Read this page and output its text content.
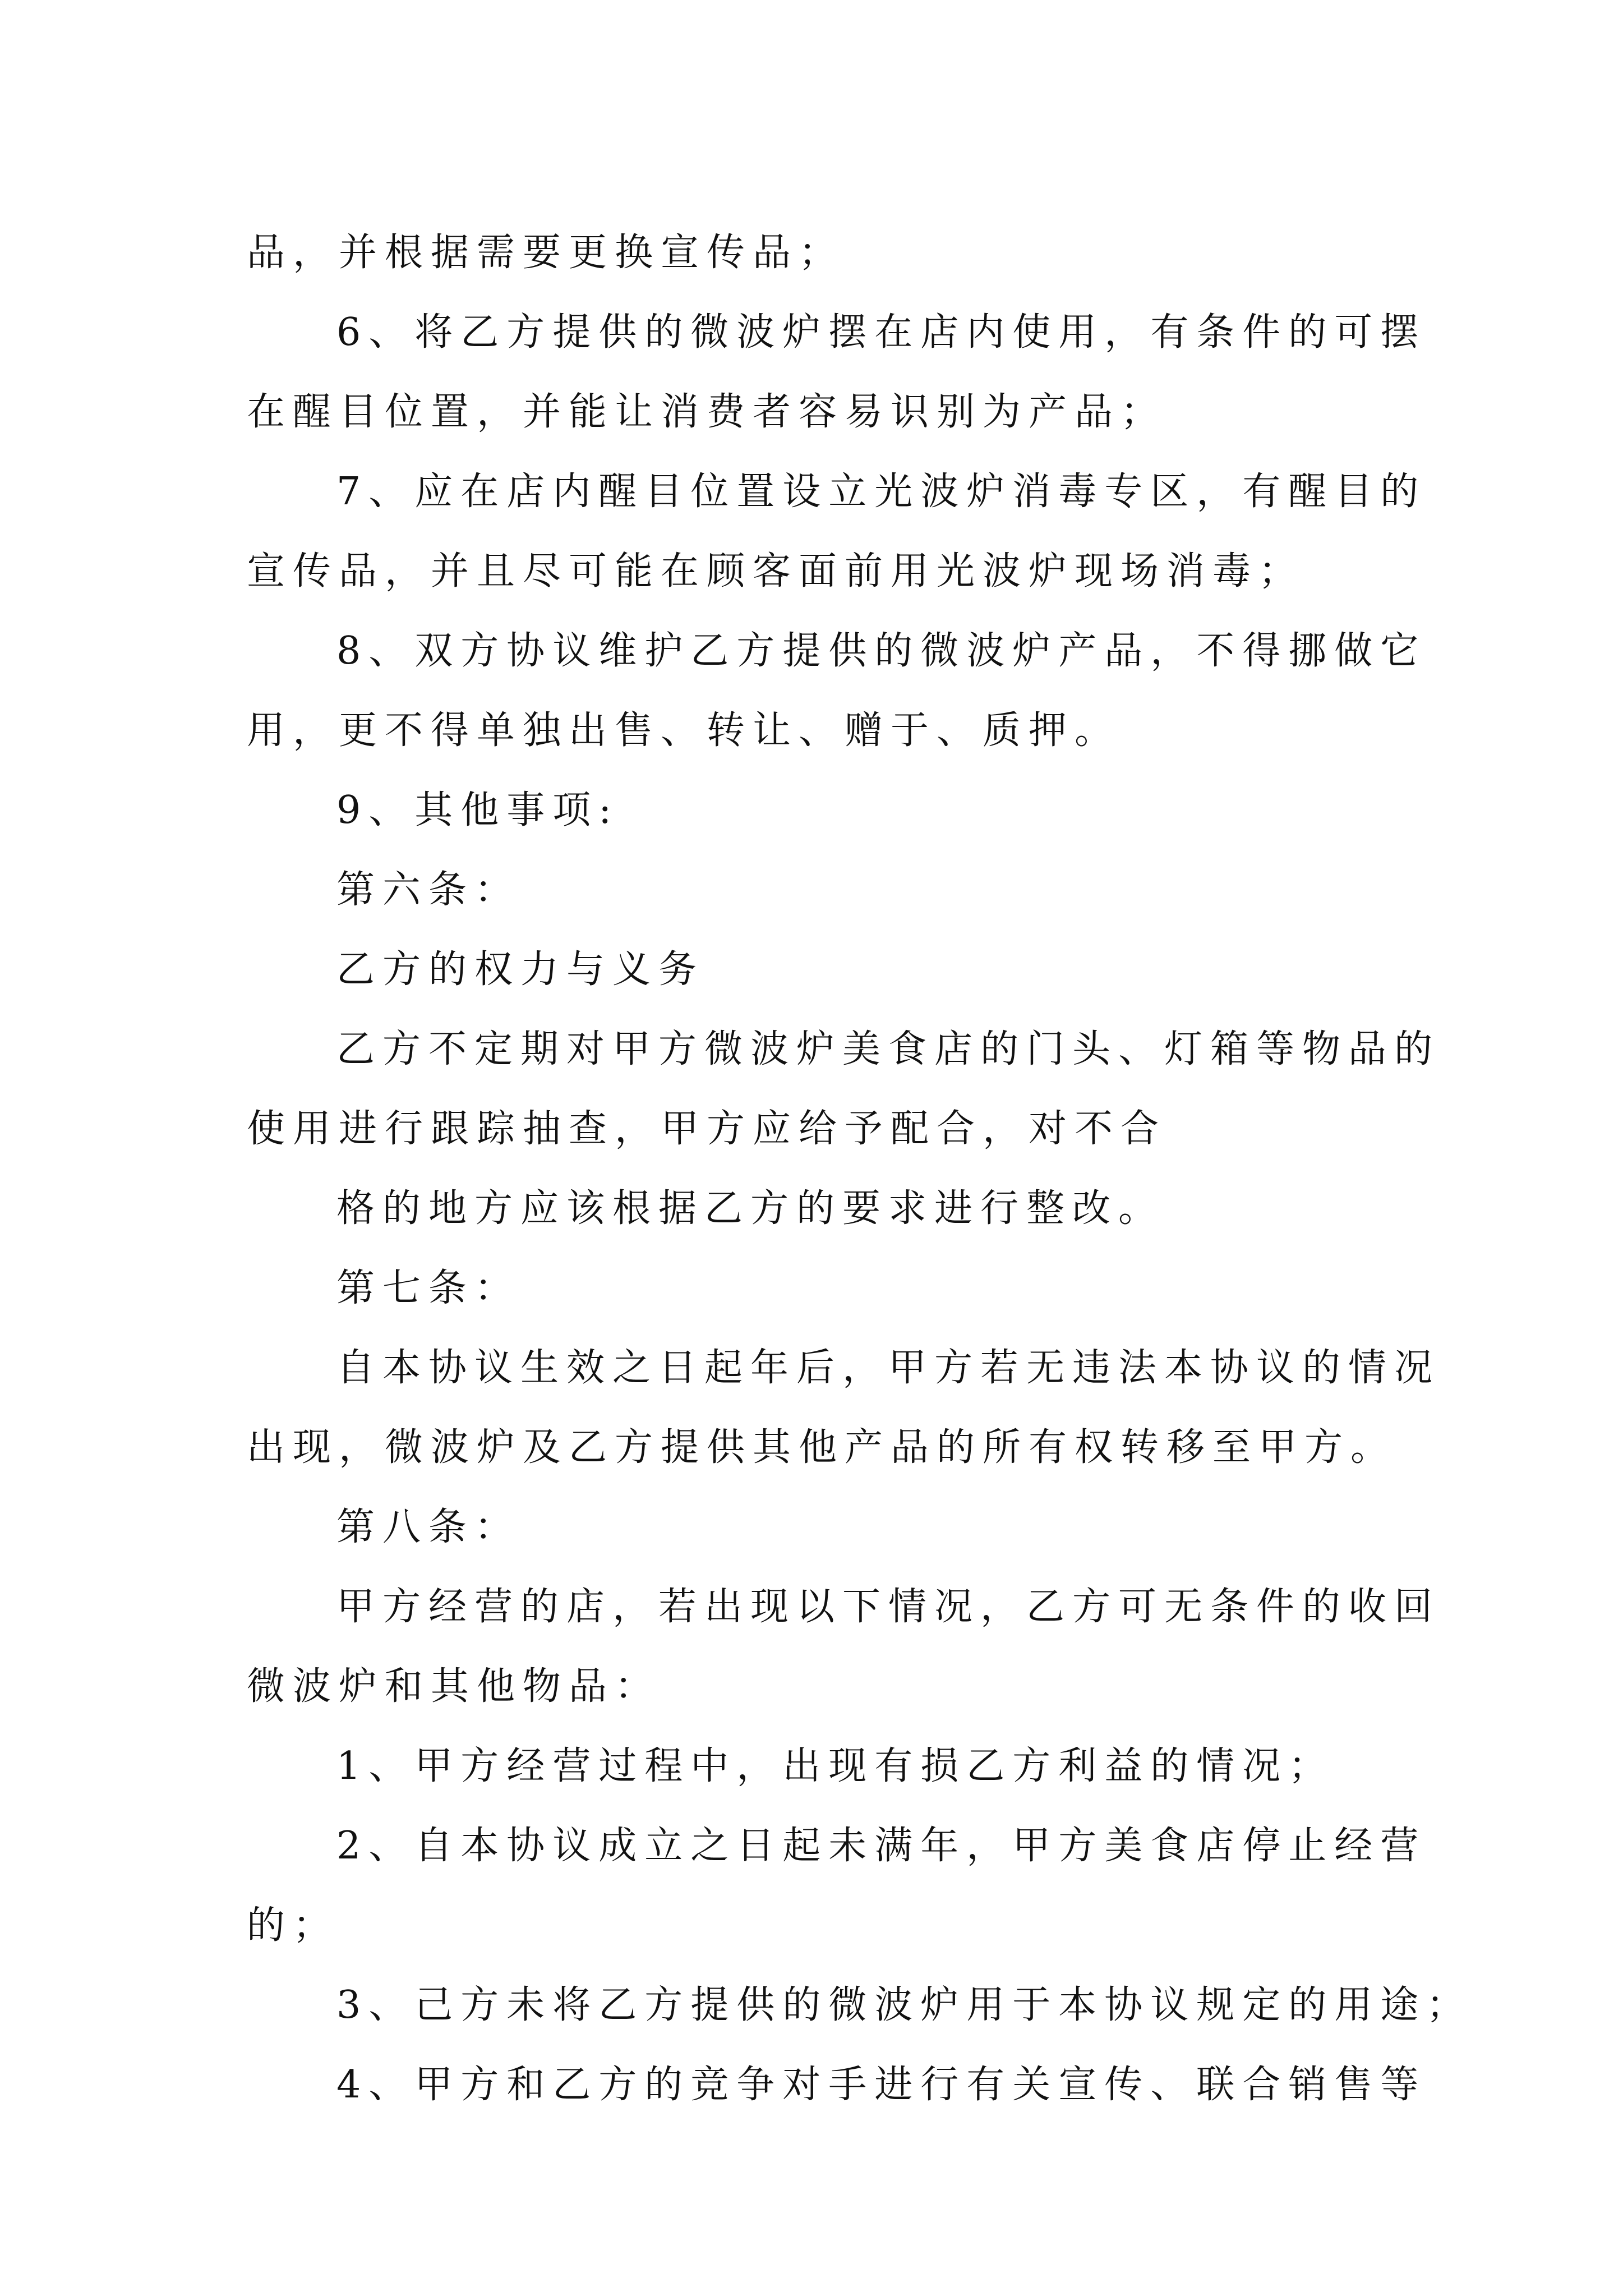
品，并根据需要更换宣传品；
6、将乙方提供的微波炉摆在店内使用，有条件的可摆
在醒目位置，并能让消费者容易识别为产品；
7、应在店内醒目位置设立光波炉消毒专区，有醒目的
宣传品，并且尽可能在顾客面前用光波炉现场消毒；
8、双方协议维护乙方提供的微波炉产品，不得挪做它
用，更不得单独出售、转让、赠于、质押。
9、其他事项:
第六条：
乙方的权力与义务
乙方不定期对甲方微波炉美食店的门头、灯箱等物品的
使用进行跟踪抽查，甲方应给予配合，对不合
格的地方应该根据乙方的要求进行整改。
第七条：
自本协议生效之日起年后，甲方若无违法本协议的情况
出现，微波炉及乙方提供其他产品的所有权转移至甲方。
第八条：
甲方经营的店，若出现以下情况，乙方可无条件的收回
微波炉和其他物品：
1、甲方经营过程中，出现有损乙方利益的情况；
2、自本协议成立之日起未满年，甲方美食店停止经营
的；
3、己方未将乙方提供的微波炉用于本协议规定的用途；
4、甲方和乙方的竞争对手进行有关宣传、联合销售等
